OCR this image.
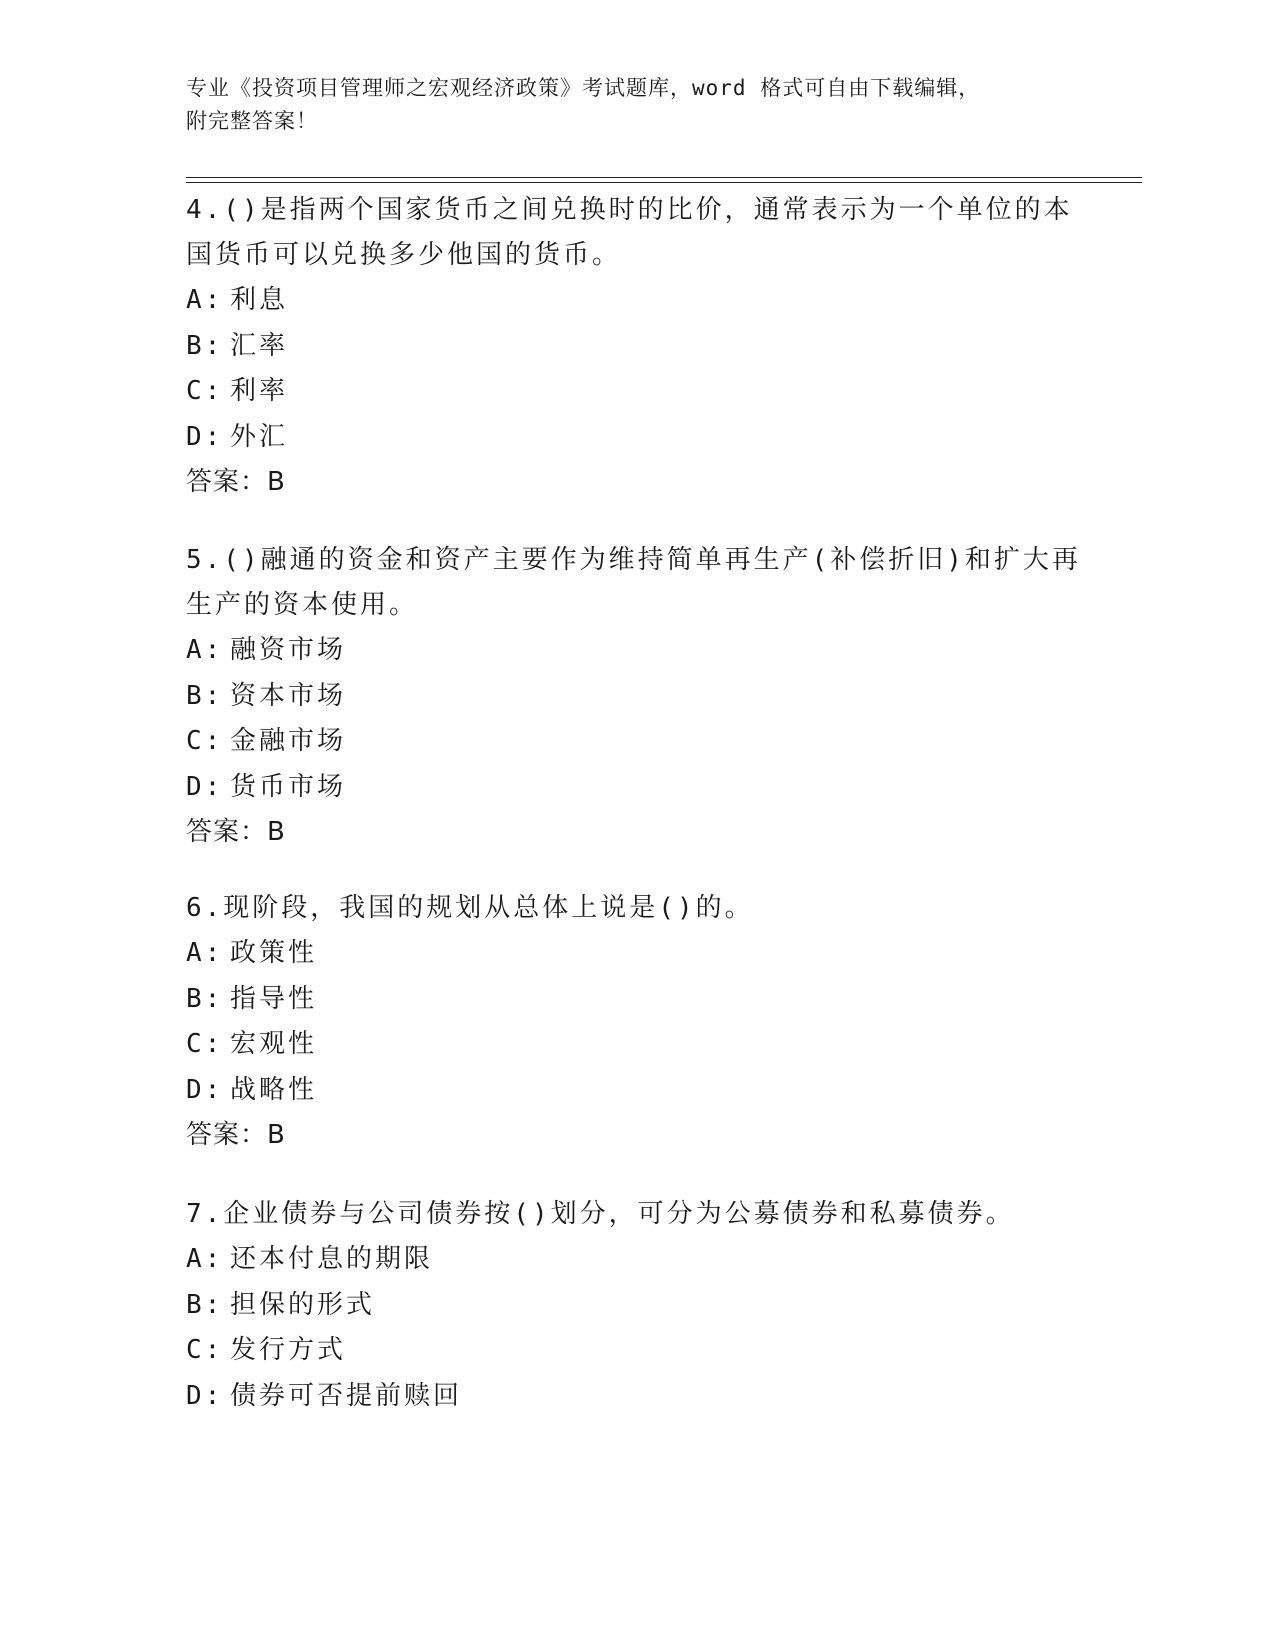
专业《投资项目管理师之宏观经济政策》考试题库，word 格式可自由下载编辑，
附完整答案！

4.()是指两个国家货币之间兑换时的比价，通常表示为一个单位的本

国货币可以兑换多少他国的货币。

A: 利息

B: 汇率

C: 利率

D: 外汇

答案：B

5.()融通的资金和资产主要作为维持简单再生产(补偿折旧)和扩大再

生产的资本使用。

A: 融资市场

B: 资本市场

C: 金融市场

D: 货币市场

答案：B

6.现阶段，我国的规划从总体上说是()的。

A: 政策性

B: 指导性

C: 宏观性

D: 战略性

答案：B

7.企业债券与公司债券按()划分，可分为公募债券和私募债券。

A: 还本付息的期限

B: 担保的形式

C: 发行方式

D: 债券可否提前赎回
